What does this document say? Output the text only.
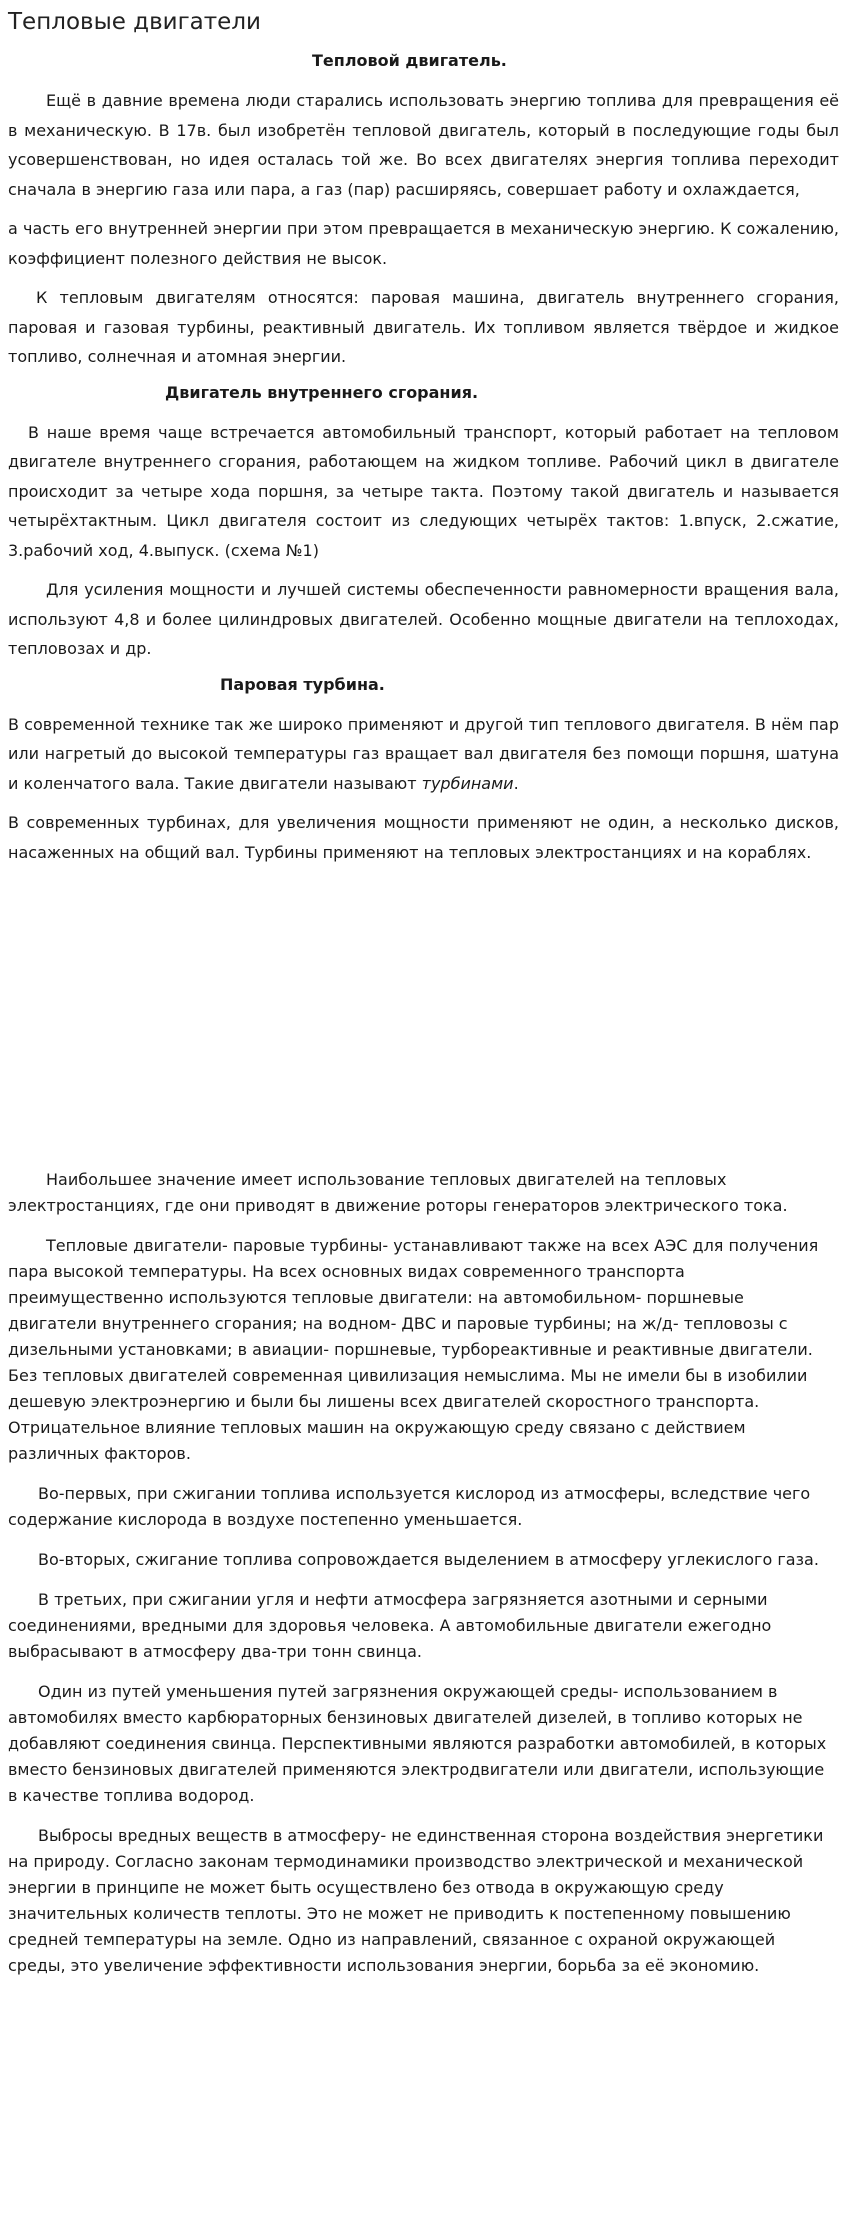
Тепловые двигатели
Тепловой двигатель.

Ещё в давние времена люди старались использовать энергию топлива для превращения её в механическую. В 17в. был изобретён тепловой двигатель, который в последующие годы был усовершенствован, но идея осталась той же. Во всех двигателях энергия топлива переходит сначала в энергию газа или пара, а газ (пар) расширяясь, совершает работу и охлаждается,

а часть его внутренней энергии при этом превращается в механическую энергию. К сожалению, коэффициент полезного действия не высок.

К тепловым двигателям относятся: паровая машина, двигатель внутреннего сгорания, паровая и газовая турбины, реактивный двигатель. Их топливом является твёрдое и жидкое топливо, солнечная и атомная энергии.

Двигатель внутреннего сгорания.

В наше время чаще встречается автомобильный транспорт, который работает на тепловом двигателе внутреннего сгорания, работающем на жидком топливе. Рабочий цикл в двигателе происходит за четыре хода поршня, за четыре такта. Поэтому такой двигатель и называется четырёхтактным. Цикл двигателя состоит из следующих четырёх тактов: 1.впуск, 2.сжатие, 3.рабочий ход, 4.выпуск. (схема №1)

Для усиления мощности и лучшей системы обеспеченности равномерности вращения вала, используют 4,8 и более цилиндровых двигателей. Особенно мощные двигатели на теплоходах, тепловозах и др.

Паровая турбина.

В современной технике так же широко применяют и другой тип теплового двигателя. В нём пар или нагретый до высокой температуры газ вращает вал двигателя без помощи поршня, шатуна и коленчатого вала. Такие двигатели называют турбинами.

В современных турбинах, для увеличения мощности применяют не один, а несколько дисков, насаженных на общий вал. Турбины применяют на тепловых электростанциях и на кораблях.

Наибольшее значение имеет использование тепловых двигателей на тепловых электростанциях, где они приводят в движение роторы генераторов электрического тока.

Тепловые двигатели- паровые турбины- устанавливают также на всех АЭС для получения пара высокой температуры. На всех основных видах современного транспорта преимущественно используются тепловые двигатели: на автомобильном- поршневые двигатели внутреннего сгорания; на водном- ДВС и паровые турбины; на ж/д- тепловозы с дизельными установками; в авиации- поршневые, турбореактивные и реактивные двигатели. Без тепловых двигателей современная цивилизация немыслима. Мы не имели бы в изобилии дешевую электроэнергию и были бы лишены всех двигателей скоростного транспорта. Отрицательное влияние тепловых машин на окружающую среду связано с действием различных факторов.

Во-первых, при сжигании топлива используется кислород из атмосферы, вследствие чего содержание кислорода в воздухе постепенно уменьшается.

Во-вторых, сжигание топлива сопровождается выделением в атмосферу углекислого газа.

В третьих, при сжигании угля и нефти атмосфера загрязняется азотными и серными соединениями, вредными для здоровья человека. А автомобильные двигатели ежегодно выбрасывают в атмосферу два-три тонн свинца.

Один из путей уменьшения путей загрязнения окружающей среды- использованием в автомобилях вместо карбюраторных бензиновых двигателей дизелей, в топливо которых не добавляют соединения свинца. Перспективными являются разработки автомобилей, в которых вместо бензиновых двигателей применяются электродвигатели или двигатели, использующие в качестве топлива водород.

Выбросы вредных веществ в атмосферу- не единственная сторона воздействия энергетики на природу. Согласно законам термодинамики производство электрической и механической энергии в принципе не может быть осуществлено без отвода в окружающую среду значительных количеств теплоты. Это не может не приводить к постепенному повышению средней температуры на земле. Одно из направлений, связанное с охраной окружающей среды, это увеличение эффективности использования энергии, борьба за её экономию.
